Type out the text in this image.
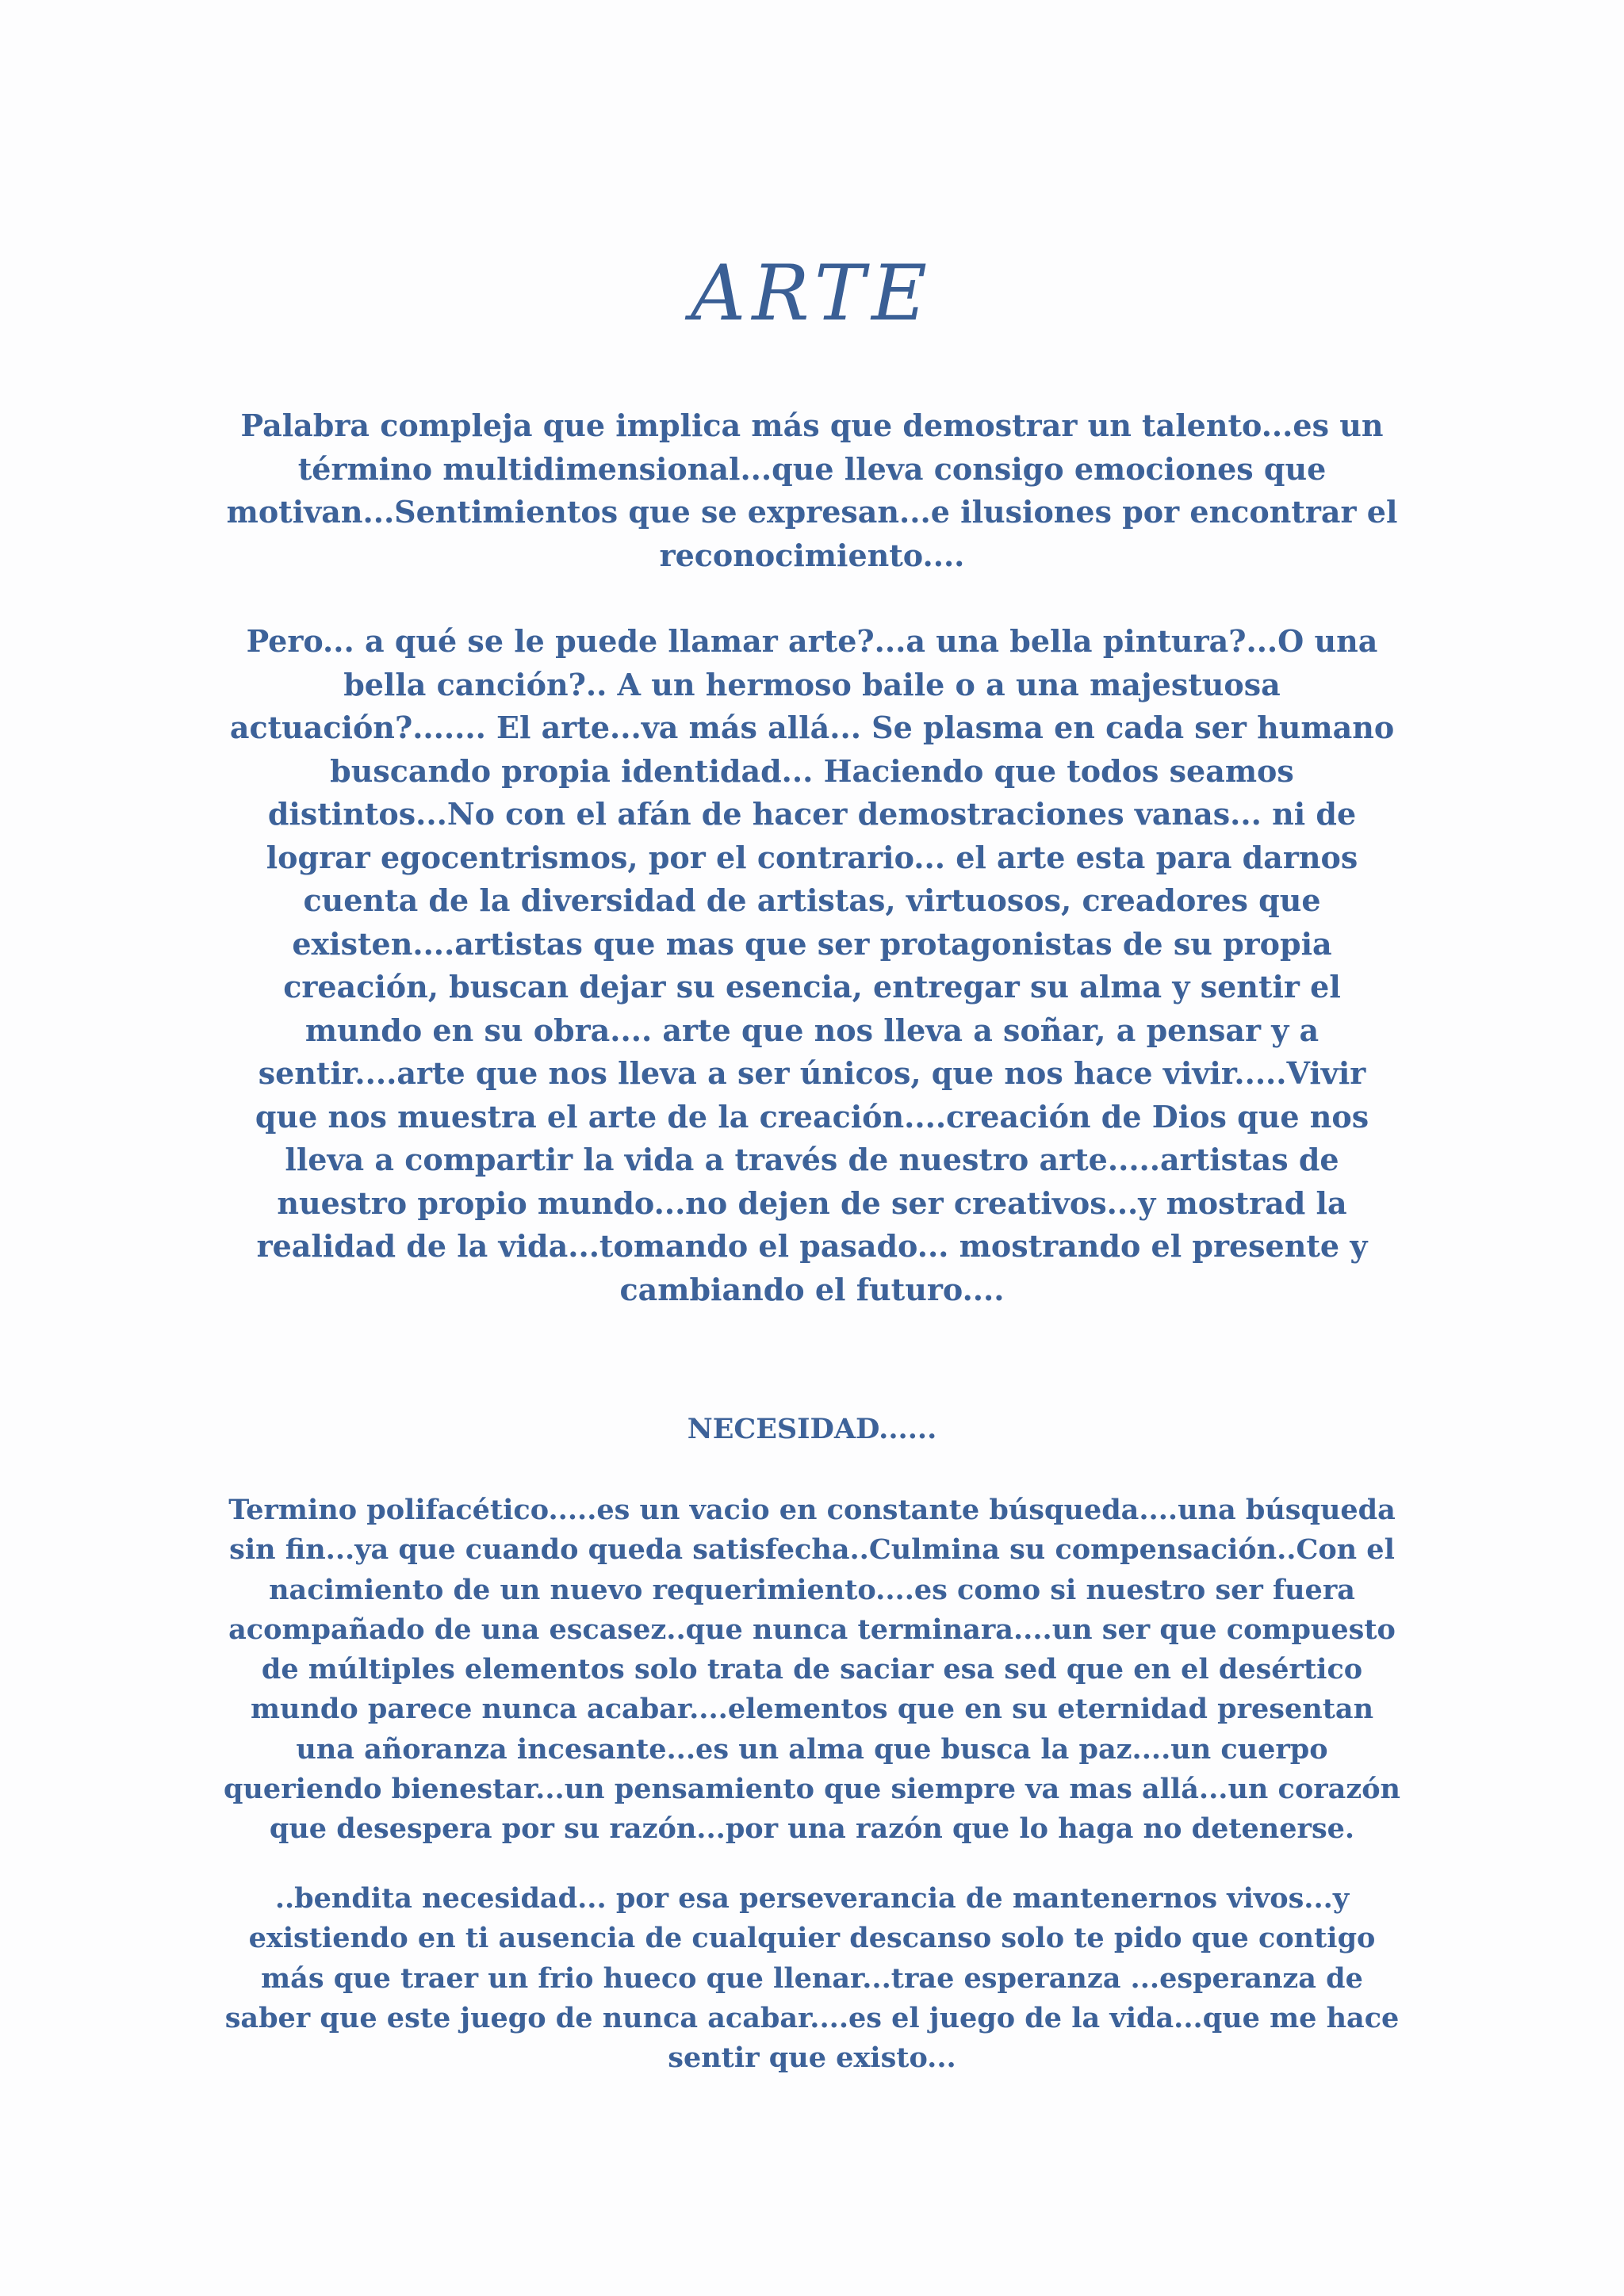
ARTE

Palabra compleja que implica más que demostrar un talento...es un término multidimensional...que lleva consigo emociones que motivan...Sentimientos que se expresan...e ilusiones por encontrar el reconocimiento....

Pero... a qué se le puede llamar arte?...a una bella pintura?...O una bella canción?.. A un hermoso baile o a una majestuosa actuación?....... El arte...va más allá... Se plasma en cada ser humano buscando propia identidad... Haciendo que todos seamos distintos...No con el afán de hacer demostraciones vanas... ni de lograr egocentrismos, por el contrario... el arte esta para darnos cuenta de la diversidad de artistas, virtuosos, creadores que existen....artistas que mas que ser protagonistas de su propia creación, buscan dejar su esencia, entregar su alma y sentir el mundo en su obra.... arte que nos lleva a soñar, a pensar y a sentir....arte que nos lleva a ser únicos, que nos hace vivir.....Vivir que nos muestra el arte de la creación....creación de Dios que nos lleva a compartir la vida a través de nuestro arte.....artistas de nuestro propio mundo...no dejen de ser creativos...y mostrad la realidad de la vida...tomando el pasado... mostrando el presente y cambiando el futuro....

NECESIDAD......

Termino polifacético.....es un vacio en constante búsqueda....una búsqueda sin fin...ya que cuando queda satisfecha..Culmina su compensación..Con el nacimiento de un nuevo requerimiento....es como si nuestro ser fuera acompañado de una escasez..que nunca terminara....un ser que compuesto de múltiples elementos solo trata de saciar esa sed que en el desértico mundo parece nunca acabar....elementos que en su eternidad presentan una añoranza incesante...es un alma que busca la paz....un cuerpo queriendo bienestar...un pensamiento que siempre va mas allá...un corazón que desespera por su razón...por una razón que lo haga no detenerse.

..bendita necesidad... por esa perseverancia de mantenernos vivos...y existiendo en ti ausencia de cualquier descanso solo te pido que contigo más que traer un frio hueco que llenar...trae esperanza ...esperanza de saber que este juego de nunca acabar....es el juego de la vida...que me hace sentir que existo...
